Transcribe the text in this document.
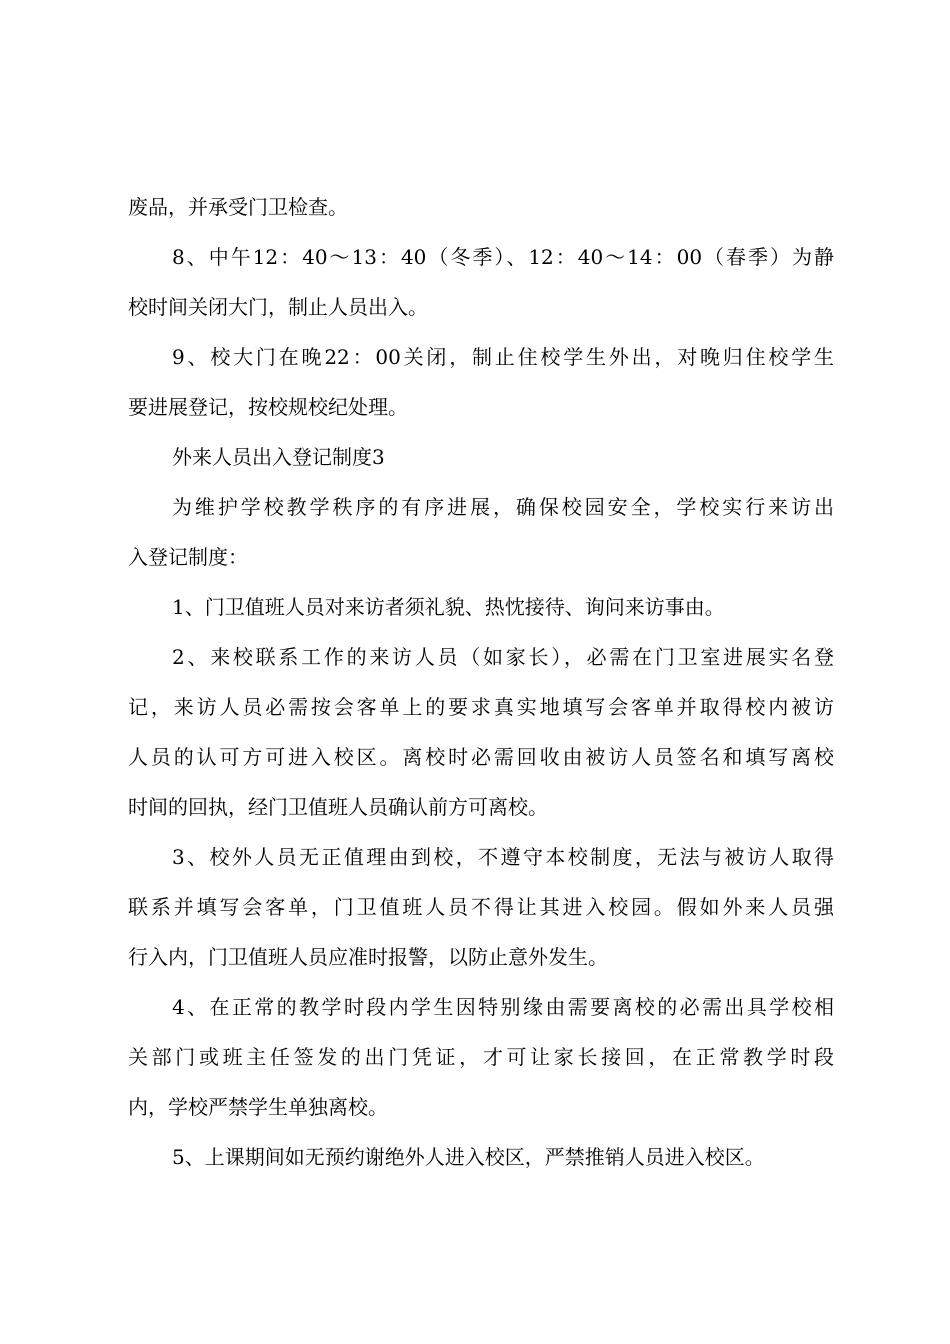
废品，并承受门卫检查。
8、中午12：40～13：40（冬季）、12：40～14：00（春季）为静
校时间关闭大门，制止人员出入。
9、校大门在晚22：00关闭，制止住校学生外出，对晚归住校学生
要进展登记，按校规校纪处理。
外来人员出入登记制度3
为维护学校教学秩序的有序进展，确保校园安全，学校实行来访出
入登记制度：
1、门卫值班人员对来访者须礼貌、热忱接待、询问来访事由。
2、来校联系工作的来访人员（如家长），必需在门卫室进展实名登
记，来访人员必需按会客单上的要求真实地填写会客单并取得校内被访
人员的认可方可进入校区。离校时必需回收由被访人员签名和填写离校
时间的回执，经门卫值班人员确认前方可离校。
3、校外人员无正值理由到校，不遵守本校制度，无法与被访人取得
联系并填写会客单，门卫值班人员不得让其进入校园。假如外来人员强
行入内，门卫值班人员应准时报警，以防止意外发生。
4、在正常的教学时段内学生因特别缘由需要离校的必需出具学校相
关部门或班主任签发的出门凭证，才可让家长接回，在正常教学时段
内，学校严禁学生单独离校。
5、上课期间如无预约谢绝外人进入校区，严禁推销人员进入校区。
